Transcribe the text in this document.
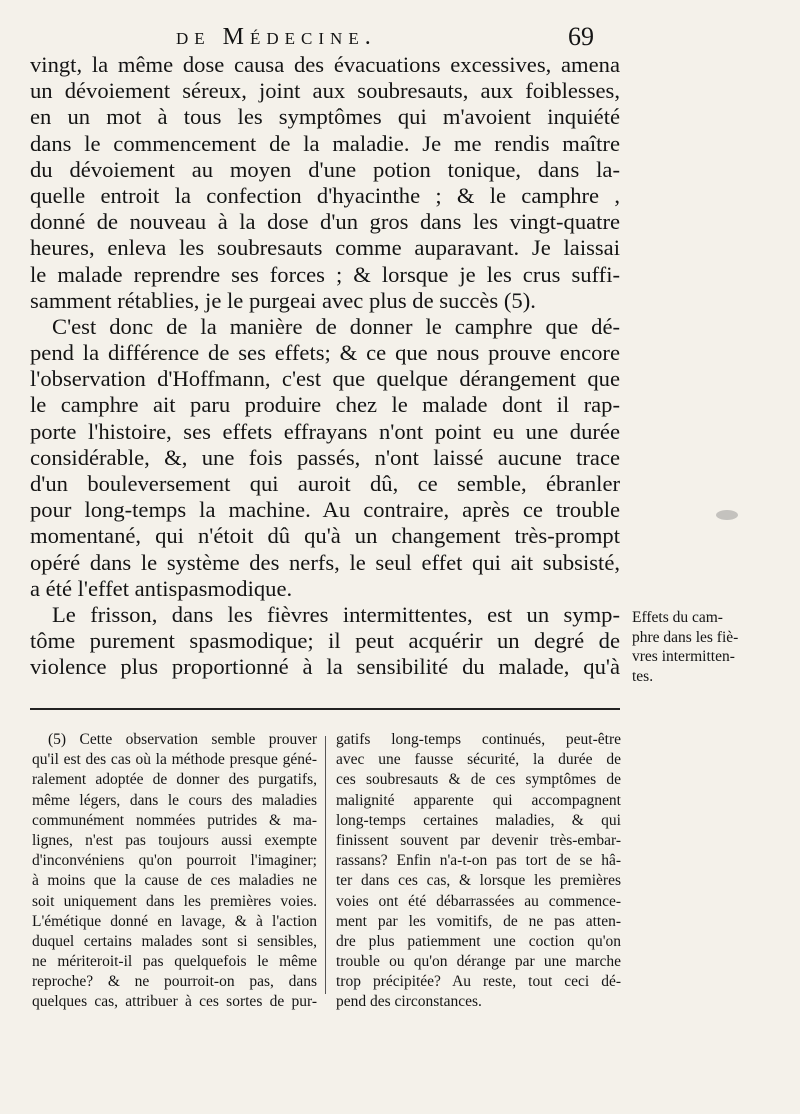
de Médecine.	69
vingt, la même dose causa des évacuations excessives, amena
un dévoiement séreux, joint aux soubresauts, aux foiblesses,
en un mot à tous les symptômes qui m'avoient inquiété
dans le commencement de la maladie. Je me rendis maître
du dévoiement au moyen d'une potion tonique, dans la-
quelle entroit la confection d'hyacinthe ; & le camphre ,
donné de nouveau à la dose d'un gros dans les vingt-quatre
heures, enleva les soubresauts comme auparavant. Je laissai
le malade reprendre ses forces ; & lorsque je les crus suffi-
samment rétablies, je le purgeai avec plus de succès (5).
C'est donc de la manière de donner le camphre que dé-
pend la différence de ses effets; & ce que nous prouve encore
l'observation d'Hoffmann, c'est que quelque dérangement que
le camphre ait paru produire chez le malade dont il rap-
porte l'histoire, ses effets effrayans n'ont point eu une durée
considérable, &, une fois passés, n'ont laissé aucune trace
d'un bouleversement qui auroit dû, ce semble, ébranler
pour long-temps la machine. Au contraire, après ce trouble
momentané, qui n'étoit dû qu'à un changement très-prompt
opéré dans le système des nerfs, le seul effet qui ait subsisté,
a été l'effet antispasmodique.
Le frisson, dans les fièvres intermittentes, est un symp-
tôme purement spasmodique; il peut acquérir un degré de
violence plus proportionné à la sensibilité du malade, qu'à
Effets du cam-
phre dans les fiè-
vres intermitten-
tes.
(5) Cette observation semble prouver
qu'il est des cas où la méthode presque géné-
ralement adoptée de donner des purgatifs,
même légers, dans le cours des maladies
communément nommées putrides & ma-
lignes, n'est pas toujours aussi exempte
d'inconvéniens qu'on pourroit l'imaginer;
à moins que la cause de ces maladies ne
soit uniquement dans les premières voies.
L'émétique donné en lavage, & à l'action
duquel certains malades sont si sensibles,
ne mériteroit-il pas quelquefois le même
reproche? & ne pourroit-on pas, dans
quelques cas, attribuer à ces sortes de pur-
gatifs long-temps continués, peut-être
avec une fausse sécurité, la durée de
ces soubresauts & de ces symptômes de
malignité apparente qui accompagnent
long-temps certaines maladies, & qui
finissent souvent par devenir très-embar-
rassans? Enfin n'a-t-on pas tort de se hâ-
ter dans ces cas, & lorsque les premières
voies ont été débarrassées au commence-
ment par les vomitifs, de ne pas atten-
dre plus patiemment une coction qu'on
trouble ou qu'on dérange par une marche
trop précipitée? Au reste, tout ceci dé-
pend des circonstances.
